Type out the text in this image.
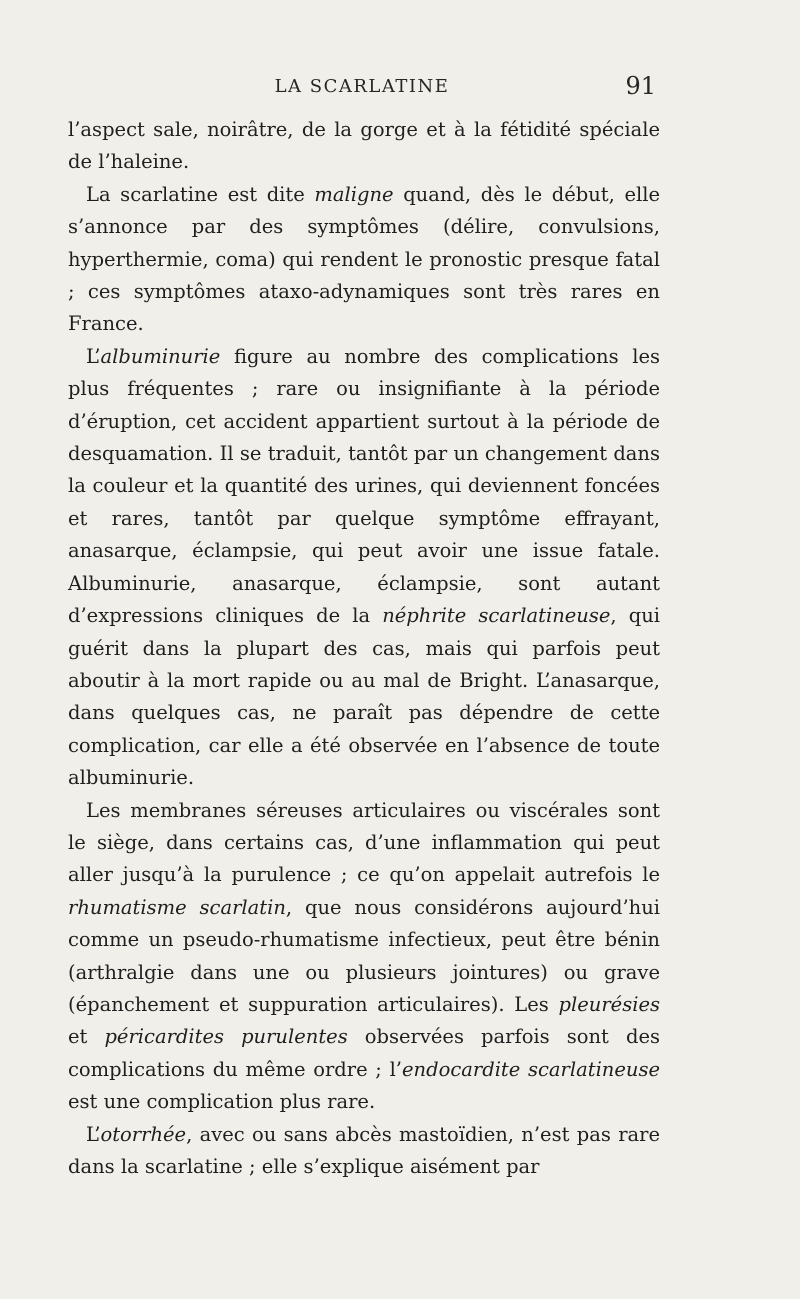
LA SCARLATINE	91

l’aspect sale, noirâtre, de la gorge et à la fétidité spéciale de l’haleine.

La scarlatine est dite maligne quand, dès le début, elle s’annonce par des symptômes (délire, convulsions, hyperthermie, coma) qui rendent le pronostic presque fatal ; ces symptômes ataxo-adynamiques sont très rares en France.

L’albuminurie figure au nombre des complications les plus fréquentes ; rare ou insignifiante à la période d’éruption, cet accident appartient surtout à la période de desquamation. Il se traduit, tantôt par un changement dans la couleur et la quantité des urines, qui deviennent foncées et rares, tantôt par quelque symptôme effrayant, anasarque, éclampsie, qui peut avoir une issue fatale. Albuminurie, anasarque, éclampsie, sont autant d’expressions cliniques de la néphrite scarlatineuse, qui guérit dans la plupart des cas, mais qui parfois peut aboutir à la mort rapide ou au mal de Bright. L’anasarque, dans quelques cas, ne paraît pas dépendre de cette complication, car elle a été observée en l’absence de toute albuminurie.

Les membranes séreuses articulaires ou viscérales sont le siège, dans certains cas, d’une inflammation qui peut aller jusqu’à la purulence ; ce qu’on appelait autrefois le rhumatisme scarlatin, que nous considérons aujourd’hui comme un pseudo-rhumatisme infectieux, peut être bénin (arthralgie dans une ou plusieurs jointures) ou grave (épanchement et suppuration articulaires). Les pleurésies et péricardites purulentes observées parfois sont des complications du même ordre ; l’endocardite scarlatineuse est une complication plus rare.

L’otorrhée, avec ou sans abcès mastoïdien, n’est pas rare dans la scarlatine ; elle s’explique aisément par
